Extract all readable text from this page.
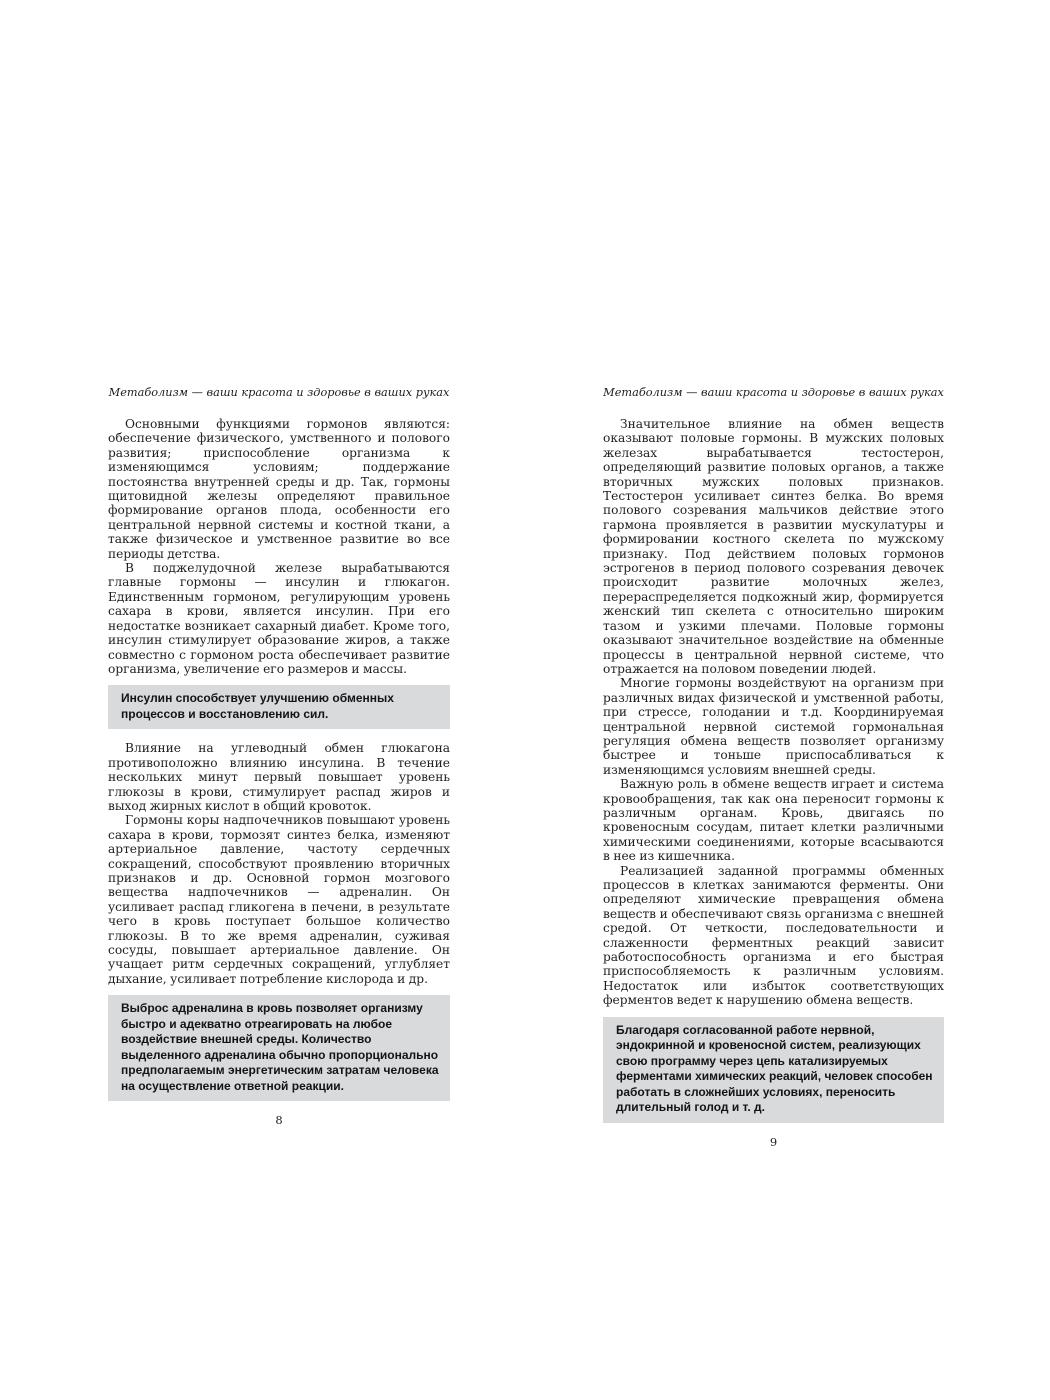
Метаболизм — ваши красота и здоровье в ваших руках

Основными функциями гормонов являются: обеспечение физического, умственного и полового развития; приспособление организма к изменяющимся условиям; поддержание постоянства внутренней среды и др. Так, гормоны щитовидной железы определяют правильное формирование органов плода, особенности его центральной нервной системы и костной ткани, а также физическое и умственное развитие во все периоды детства.

В поджелудочной железе вырабатываются главные гормоны — инсулин и глюкагон. Единственным гормоном, регулирующим уровень сахара в крови, является инсулин. При его недостатке возникает сахарный диабет. Кроме того, инсулин стимулирует образование жиров, а также совместно с гормоном роста обеспечивает развитие организма, увеличение его размеров и массы.

Инсулин способствует улучшению обменных процессов и восстановлению сил.

Влияние на углеводный обмен глюкагона противоположно влиянию инсулина. В течение нескольких минут первый повышает уровень глюкозы в крови, стимулирует распад жиров и выход жирных кислот в общий кровоток.

Гормоны коры надпочечников повышают уровень сахара в крови, тормозят синтез белка, изменяют артериальное давление, частоту сердечных сокращений, способствуют проявлению вторичных признаков и др. Основной гормон мозгового вещества надпочечников — адреналин. Он усиливает распад гликогена в печени, в результате чего в кровь поступает большое количество глюкозы. В то же время адреналин, суживая сосуды, повышает артериальное давление. Он учащает ритм сердечных сокращений, углубляет дыхание, усиливает потребление кислорода и др.

Выброс адреналина в кровь позволяет организму быстро и адекватно отреагировать на любое воздействие внешней среды. Количество выделенного адреналина обычно пропорционально предполагаемым энергетическим затратам человека на осуществление ответной реакции.
8
Метаболизм — ваши красота и здоровье в ваших руках

Значительное влияние на обмен веществ оказывают половые гормоны. В мужских половых железах вырабатывается тестостерон, определяющий развитие половых органов, а также вторичных мужских половых признаков. Тестостерон усиливает синтез белка. Во время полового созревания мальчиков действие этого гармона проявляется в развитии мускулатуры и формировании костного скелета по мужскому признаку. Под действием половых гормонов эстрогенов в период полового созревания девочек происходит развитие молочных желез, перераспределяется подкожный жир, формируется женский тип скелета с относительно широким тазом и узкими плечами. Половые гормоны оказывают значительное воздействие на обменные процессы в центральной нервной системе, что отражается на половом поведении людей.

Многие гормоны воздействуют на организм при различных видах физической и умственной работы, при стрессе, голодании и т.д. Координируемая центральной нервной системой гормональная регуляция обмена веществ позволяет организму быстрее и тоньше приспосабливаться к изменяющимся условиям внешней среды.

Важную роль в обмене веществ играет и система кровообращения, так как она переносит гормоны к различным органам. Кровь, двигаясь по кровеносным сосудам, питает клетки различными химическими соединениями, которые всасываются в нее из кишечника.

Реализацией заданной программы обменных процессов в клетках занимаются ферменты. Они определяют химические превращения обмена веществ и обеспечивают связь организма с внешней средой. От четкости, последовательности и слаженности ферментных реакций зависит работоспособность организма и его быстрая приспособляемость к различным условиям. Недостаток или избыток соответствующих ферментов ведет к нарушению обмена веществ.

Благодаря согласованной работе нервной, эндокринной и кровеносной систем, реализующих свою программу через цепь катализируемых ферментами химических реакций, человек способен работать в сложнейших условиях, переносить длительный голод и т. д.
9
